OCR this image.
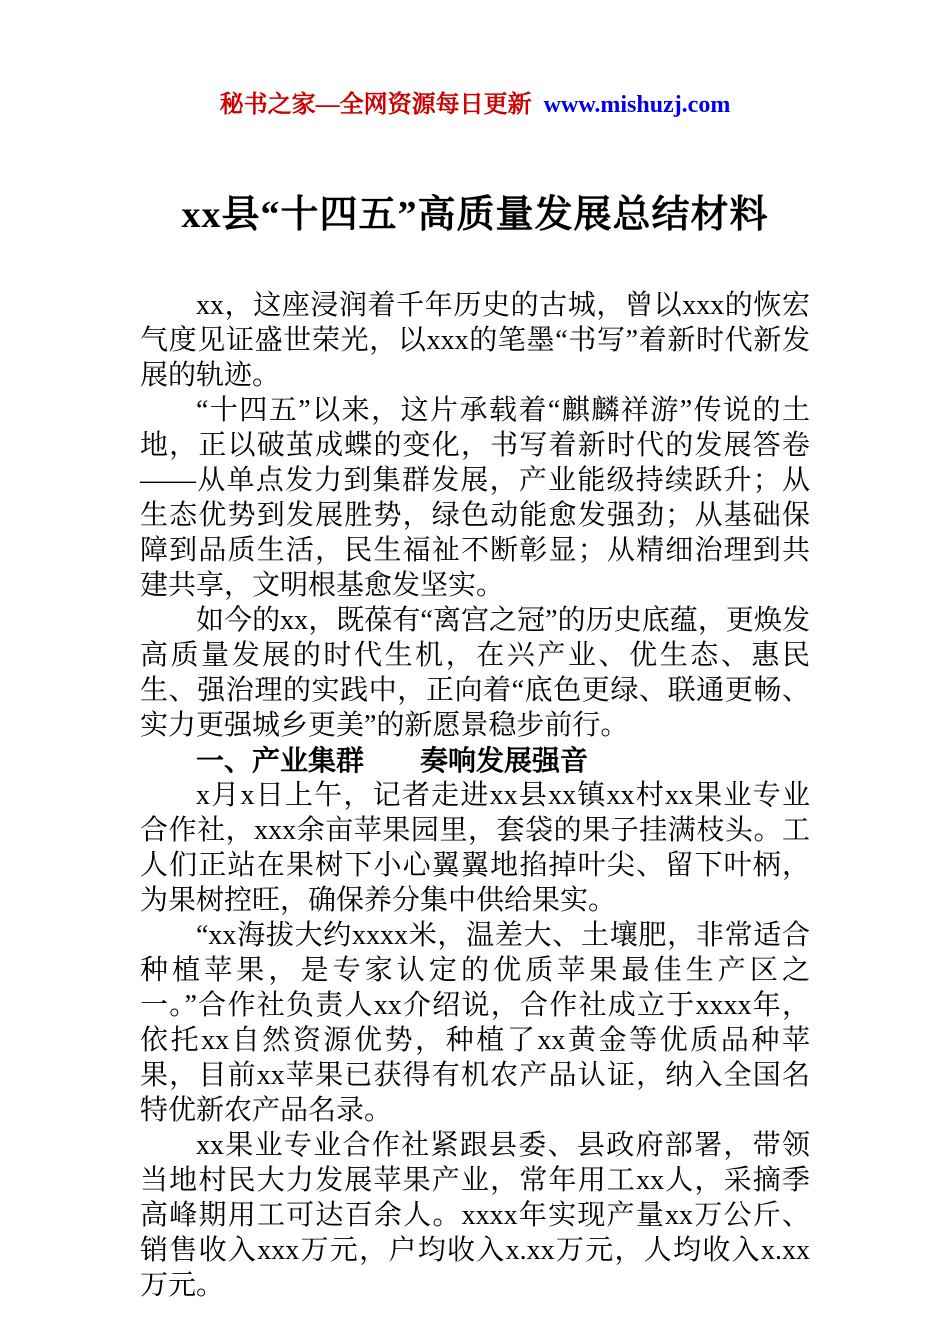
秘书之家—全网资源每日更新 www.mishuzj.com
xx县“十四五”高质量发展总结材料

xx，这座浸润着千年历史的古城，曾以xxx的恢宏气度见证盛世荣光，以xxx的笔墨“书写”着新时代新发展的轨迹。

“十四五”以来，这片承载着“麒麟祥游”传说的土地，正以破茧成蝶的变化，书写着新时代的发展答卷——从单点发力到集群发展，产业能级持续跃升；从生态优势到发展胜势，绿色动能愈发强劲；从基础保障到品质生活，民生福祉不断彰显；从精细治理到共建共享，文明根基愈发坚实。

如今的xx，既葆有“离宫之冠”的历史底蕴，更焕发高质量发展的时代生机，在兴产业、优生态、惠民生、强治理的实践中，正向着“底色更绿、联通更畅、实力更强城乡更美”的新愿景稳步前行。

一、产业集群　　奏响发展强音

x月x日上午，记者走进xx县xx镇xx村xx果业专业合作社，xxx余亩苹果园里，套袋的果子挂满枝头。工人们正站在果树下小心翼翼地掐掉叶尖、留下叶柄，为果树控旺，确保养分集中供给果实。

“xx海拔大约xxxx米，温差大、土壤肥，非常适合种植苹果，是专家认定的优质苹果最佳生产区之一。”合作社负责人xx介绍说，合作社成立于xxxx年，依托xx自然资源优势，种植了xx黄金等优质品种苹果，目前xx苹果已获得有机农产品认证，纳入全国名特优新农产品名录。

xx果业专业合作社紧跟县委、县政府部署，带领当地村民大力发展苹果产业，常年用工xx人，采摘季高峰期用工可达百余人。xxxx年实现产量xx万公斤、销售收入xxx万元，户均收入x.xx万元，人均收入x.xx万元。
